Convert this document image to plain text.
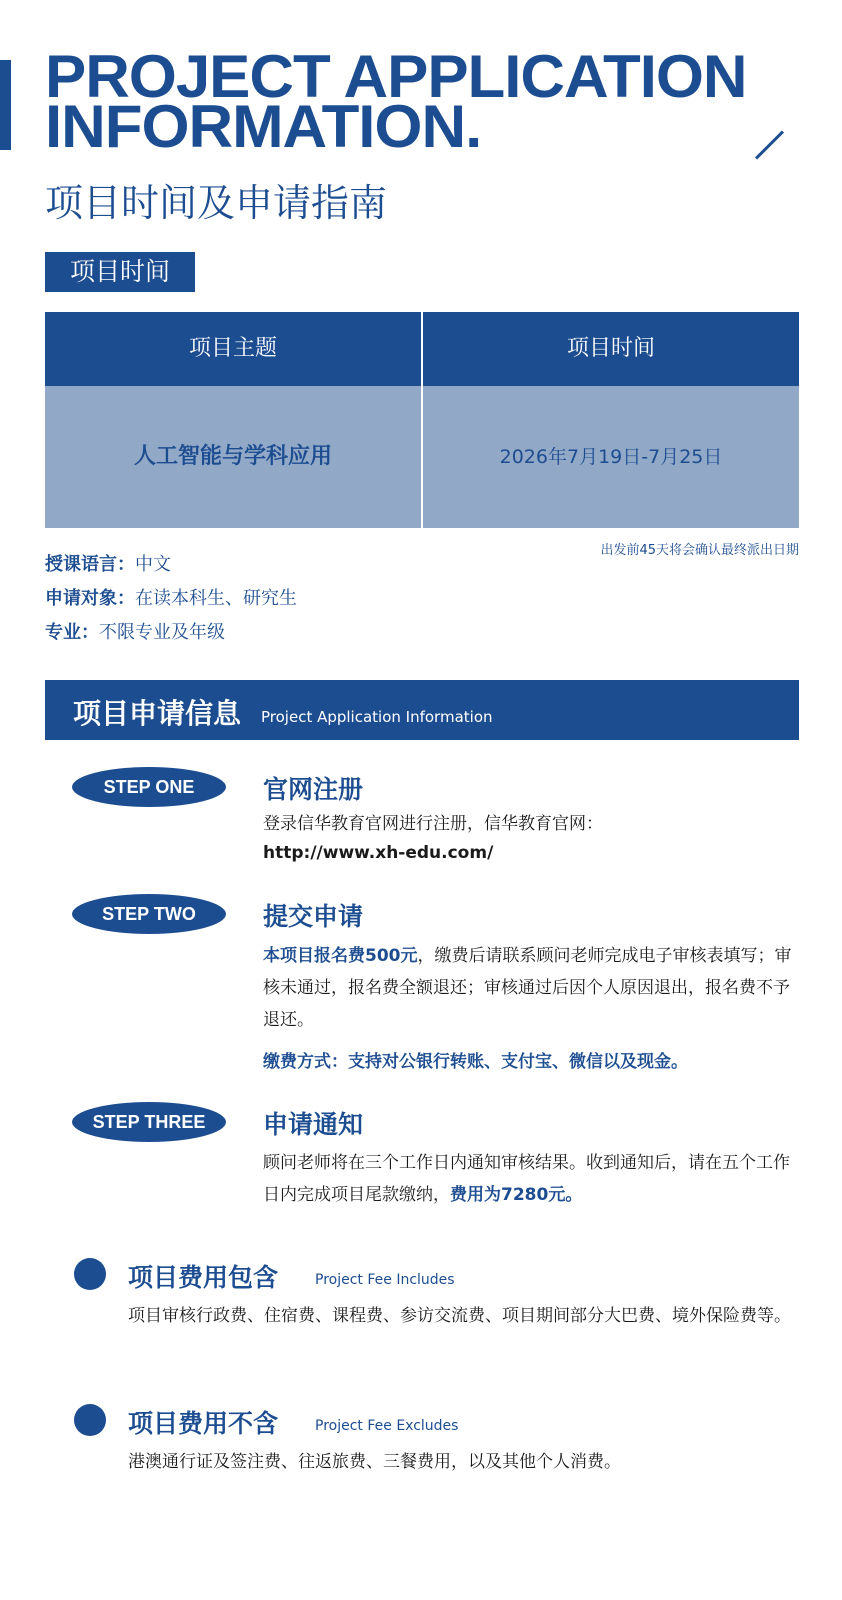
PROJECT APPLICATION
INFORMATION.
项目时间及申请指南
项目时间
项目主题	项目时间
人工智能与学科应用	2026年7月19日-7月25日
出发前45天将会确认最终派出日期
授课语言：中文
申请对象：在读本科生、研究生
专业：不限专业及年级
项目申请信息 Project Application Information
STEP ONE	官网注册
登录信华教育官网进行注册，信华教育官网：
http://www.xh-edu.com/
STEP TWO	提交申请
本项目报名费500元，缴费后请联系顾问老师完成电子审核表填写；审核未通过，报名费全额退还；审核通过后因个人原因退出，报名费不予退还。
缴费方式：支持对公银行转账、支付宝、微信以及现金。
STEP THREE	申请通知
顾问老师将在三个工作日内通知审核结果。收到通知后，请在五个工作日内完成项目尾款缴纳，费用为7280元。
项目费用包含	Project Fee Includes
项目审核行政费、住宿费、课程费、参访交流费、项目期间部分大巴费、境外保险费等。
项目费用不含	Project Fee Excludes
港澳通行证及签注费、往返旅费、三餐费用，以及其他个人消费。
